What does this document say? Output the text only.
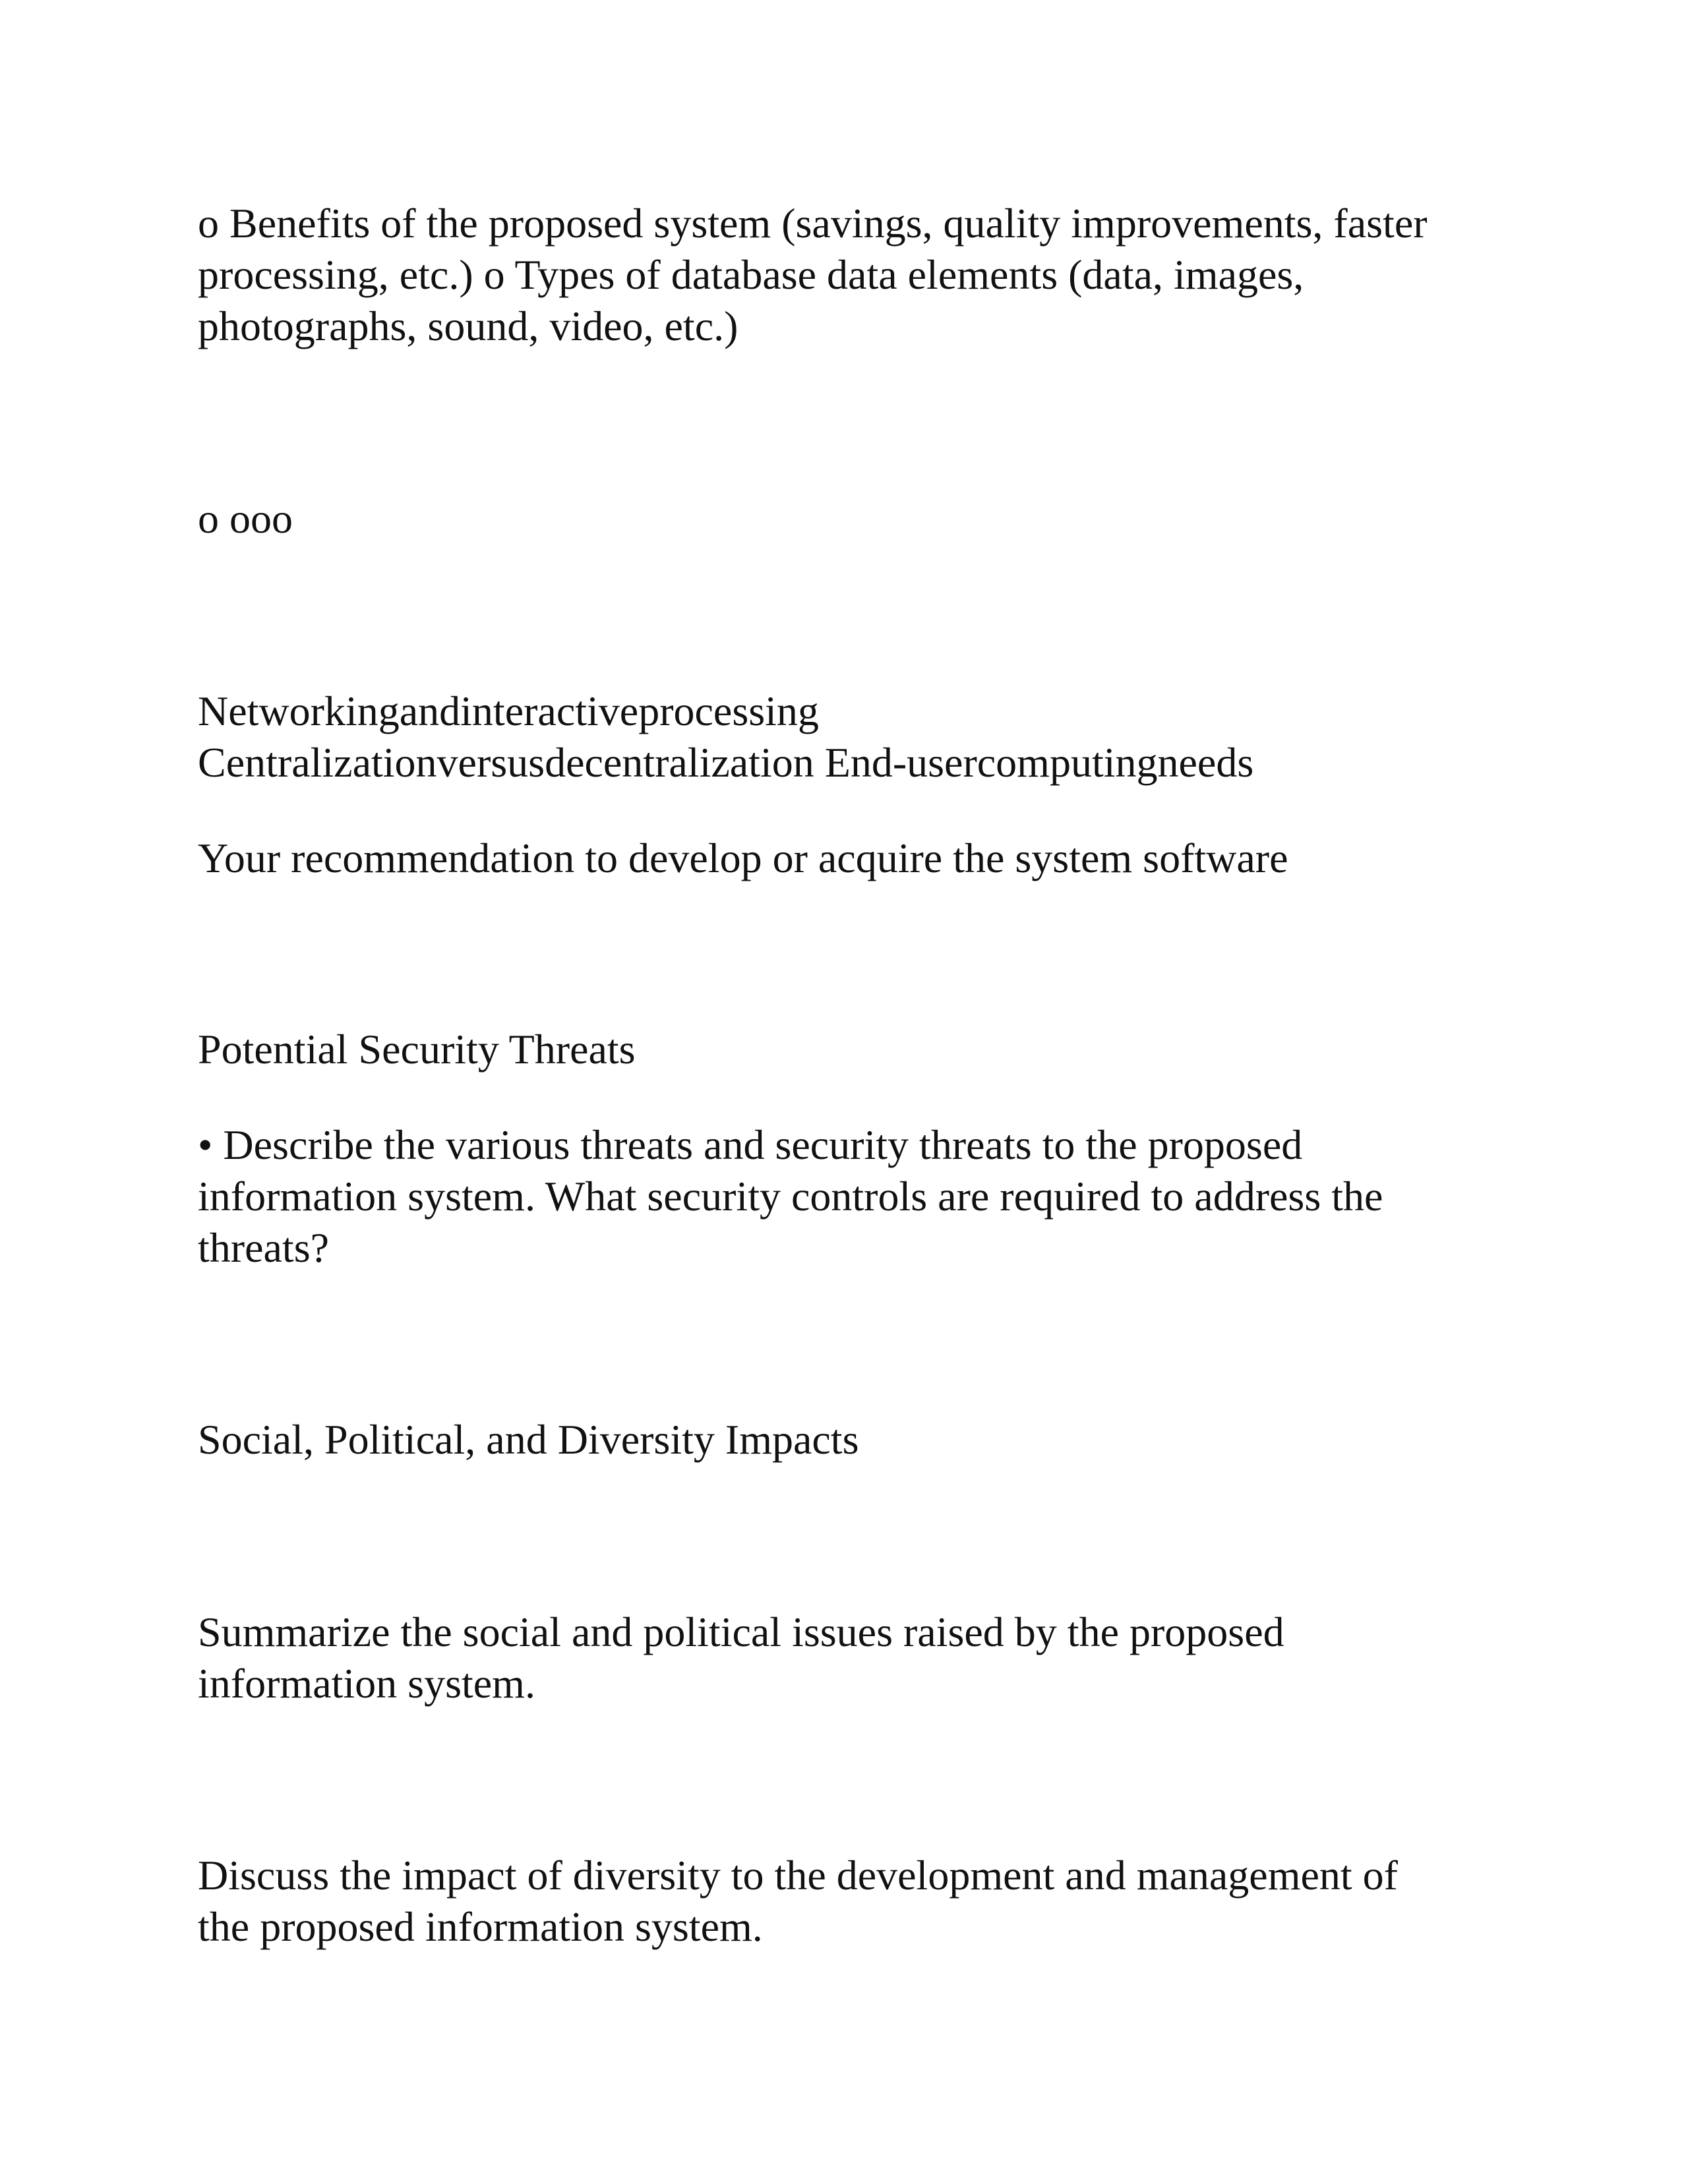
o Benefits of the proposed system (savings, quality improvements, faster
processing, etc.) o Types of database data elements (data, images,
photographs, sound, video, etc.)

o ooo

Networkingandinteractiveprocessing
Centralizationversusdecentralization End-usercomputingneeds

Your recommendation to develop or acquire the system software

Potential Security Threats

• Describe the various threats and security threats to the proposed
information system. What security controls are required to address the
threats?

Social, Political, and Diversity Impacts

Summarize the social and political issues raised by the proposed
information system.

Discuss the impact of diversity to the development and management of
the proposed information system.
